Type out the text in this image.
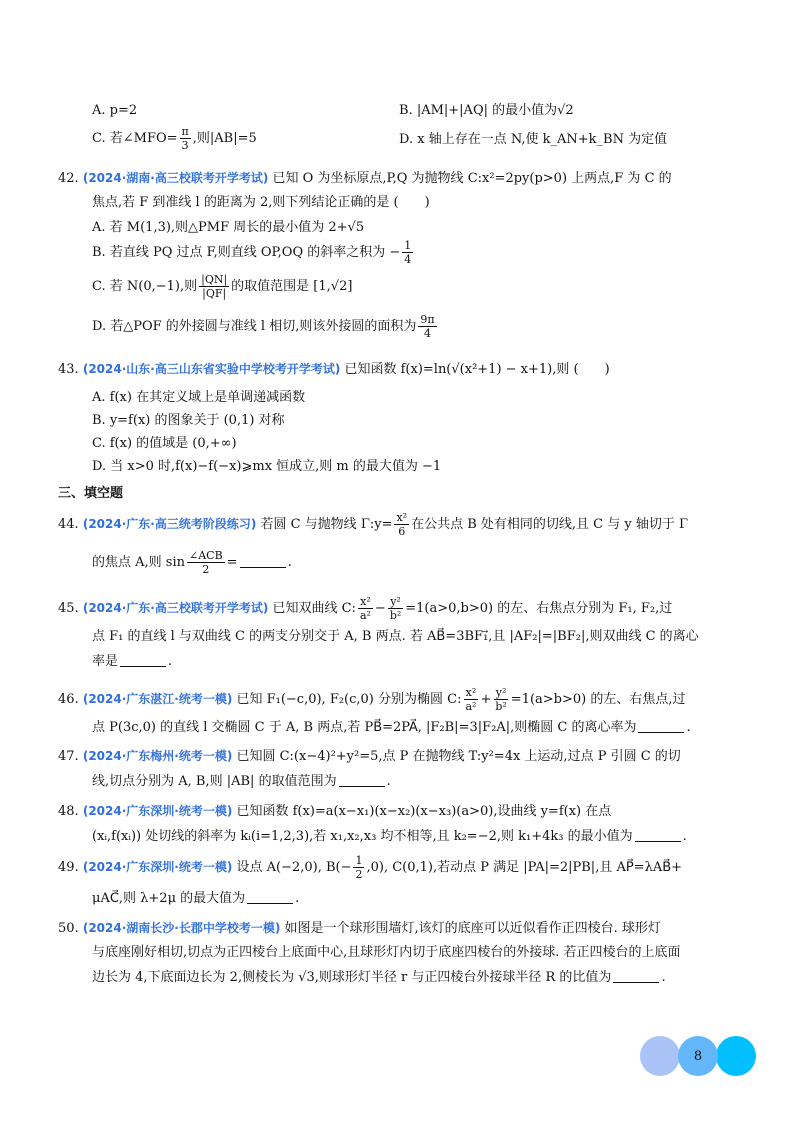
A. p=2	B. |AM|+|AQ| 的最小值为√2
C. 若∠MFO= $\frac{\pi}{3}$ ,则|AB|=5	D. x 轴上存在一点 N,使 k_AN+k_BN 为定值
42. (2024·湖南·高三校联考开学考试) 已知 O 为坐标原点,P,Q 为抛物线 C:x²=2py(p>0) 上两点,F 为 C 的
焦点,若 F 到准线 l 的距离为 2,则下列结论正确的是 (　　)
A. 若 M(1,3),则△PMF 周长的最小值为 2+√5
B. 若直线 PQ 过点 F,则直线 OP,OQ 的斜率之积为 − $\frac{1}{4}$
C. 若 N(0,−1),则 $\frac{|QN|}{|QF|}$ 的取值范围是 [1,√2]
D. 若△POF 的外接圆与准线 l 相切,则该外接圆的面积为 $\frac{9\pi}{4}$
43. (2024·山东·高三山东省实验中学校考开学考试) 已知函数 f(x)=ln(√(x²+1) − x+1),则 (　　)
A. f(x) 在其定义域上是单调递减函数
B. y=f(x) 的图象关于 (0,1) 对称
C. f(x) 的值域是 (0,+∞)
D. 当 x>0 时,f(x)−f(−x)⩾mx 恒成立,则 m 的最大值为 −1
三、填空题
44. (2024·广东·高三统考阶段练习) 若圆 C 与抛物线 Γ:y= $\frac{\text{x²}}{6}$ 在公共点 B 处有相同的切线,且 C 与 y 轴切于 Γ
的焦点 A,则 $\sin \frac{\text{∠ACB}}{2}$ =	.
45. (2024·广东·高三校联考开学考试) 已知双曲线 C: $\frac{\text{x²}}{\text{a²}} - \frac{\text{y²}}{\text{b²}} =1(a>0,b>0)$ 的左、右焦点分别为 F₁, F₂,过
点 F₁ 的直线 l 与双曲线 C 的两支分别交于 A, B 两点. 若 AB⃗=3BF₁⃗,且 |AF₂|=|BF₂|,则双曲线 C 的离心
率是	.
46. (2024·广东湛江·统考一模) 已知 F₁(−c,0), F₂(c,0) 分别为椭圆 C: $\frac{\text{x²}}{\text{a²}} + \frac{\text{y²}}{\text{b²}} =1(a>b>0)$ 的左、右焦点,过
点 P(3c,0) 的直线 l 交椭圆 C 于 A, B 两点,若 PB⃗=2PA⃗, |F₂B|=3|F₂A|,则椭圆 C 的离心率为	.
47. (2024·广东梅州·统考一模) 已知圆 C:(x−4)²+y²=5,点 P 在抛物线 T:y²=4x 上运动,过点 P 引圆 C 的切
线,切点分别为 A, B,则 |AB| 的取值范围为	.
48. (2024·广东深圳·统考一模) 已知函数 f(x)=a(x−x₁)(x−x₂)(x−x₃)(a>0),设曲线 y=f(x) 在点
(xᵢ,f(xᵢ)) 处切线的斜率为 kᵢ(i=1,2,3),若 x₁,x₂,x₃ 均不相等,且 k₂=−2,则 k₁+4k₃ 的最小值为	.
49. (2024·广东深圳·统考一模) 设点 A(−2,0), $B(- \frac{1}{2} ,0)$, C(0,1),若动点 P 满足 |PA|=2|PB|,且 AP⃗=λAB⃗+
μAC⃗,则 λ+2μ 的最大值为	.
50. (2024·湖南长沙·长郡中学校考一模) 如图是一个球形围墙灯,该灯的底座可以近似看作正四棱台. 球形灯
与底座刚好相切,切点为正四棱台上底面中心,且球形灯内切于底座四棱台的外接球. 若正四棱台的上底面
边长为 4,下底面边长为 2,侧棱长为 √3,则球形灯半径 r 与正四棱台外接球半径 R 的比值为	.
8
